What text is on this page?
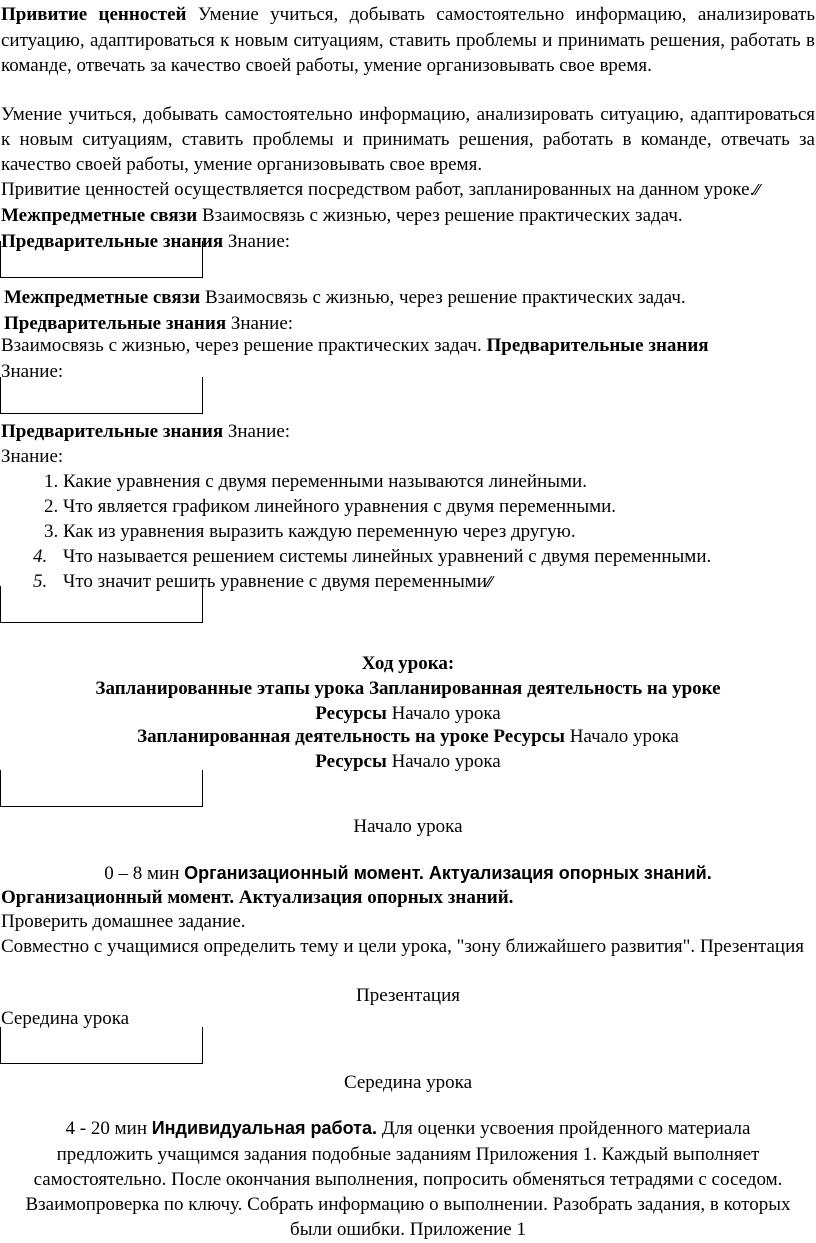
Привитие ценностей Умение учиться, добывать самостоятельно информацию, анализировать ситуацию, адаптироваться к новым ситуациям, ставить проблемы и принимать решения, работать в команде, отвечать за качество своей работы, умение организовывать свое время.

Умение учиться, добывать самостоятельно информацию, анализировать ситуацию, адаптироваться к новым ситуациям, ставить проблемы и принимать решения, работать в команде, отвечать за качество своей работы, умение организовывать свое время.

Привитие ценностей осуществляется посредством работ, запланированных на данном уроке.⁄⁄ Межпредметные связи Взаимосвязь с жизнью, через решение практических задач. Предварительные знания Знание:

Межпредметные связи Взаимосвязь с жизнью, через решение практических задач. Предварительные знания Знание:

Взаимосвязь с жизнью, через решение практических задач. Предварительные знания Знание:

Предварительные знания Знание:

Знание:

1. Какие уравнения с двумя переменными называются линейными.
2. Что является графиком линейного уравнения с двумя переменными.
3. Как из уравнения выразить каждую переменную через другую.
4. Что называется решением системы линейных уравнений с двумя переменными.
5. Что значит решить уравнение с двумя переменными⁄⁄

Ход урока:

Запланированные этапы урока Запланированная деятельность на уроке

Ресурсы Начало урока

Запланированная деятельность на уроке Ресурсы Начало урока

Ресурсы Начало урока

Начало урока

0 – 8 мин Организационный момент. Актуализация опорных знаний.

Организационный момент. Актуализация опорных знаний.

Проверить домашнее задание.

Совместно с учащимися определить тему и цели урока, "зону ближайшего развития". Презентация

Презентация

Середина урока

Середина урока

4 - 20 мин Индивидуальная работа. Для оценки усвоения пройденного материала предложить учащимся задания подобные заданиям Приложения 1. Каждый выполняет самостоятельно. После окончания выполнения, попросить обменяться тетрадями с соседом. Взаимопроверка по ключу. Собрать информацию о выполнении. Разобрать задания, в которых были ошибки. Приложение 1
